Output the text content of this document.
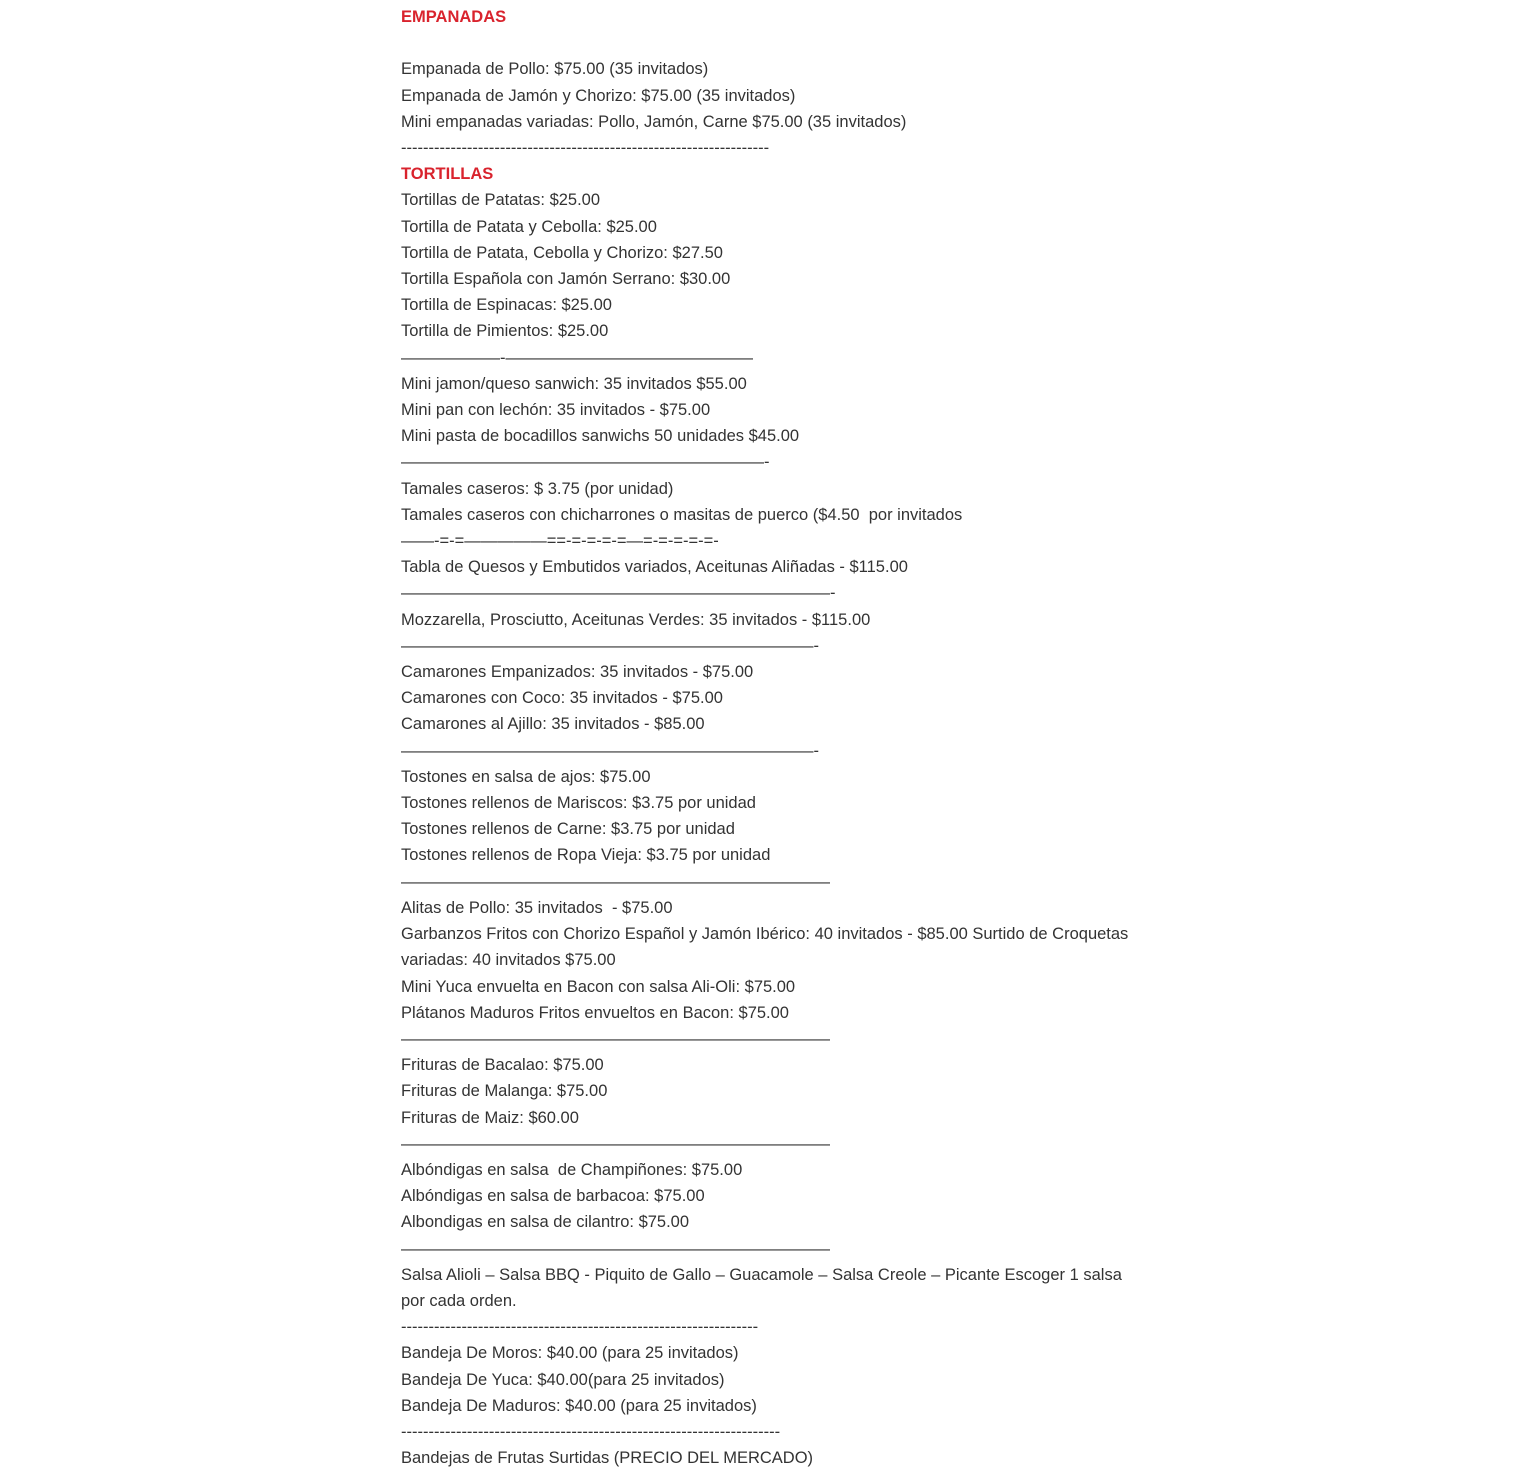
EMPANADAS
Empanada de Pollo: $75.00 (35 invitados)
Empanada de Jamón y Chorizo: $75.00 (35 invitados)
Mini empanadas variadas: Pollo, Jamón, Carne $75.00 (35 invitados)
-------------------------------------------------------------------
TORTILLAS
Tortillas de Patatas: $25.00
Tortilla de Patata y Cebolla: $25.00
Tortilla de Patata, Cebolla y Chorizo: $27.50
Tortilla Española con Jamón Serrano: $30.00
Tortilla de Espinacas: $25.00
Tortilla de Pimientos: $25.00
——————-———————————————
Mini jamon/queso sanwich: 35 invitados $55.00
Mini pan con lechón: 35 invitados - $75.00
Mini pasta de bocadillos sanwichs 50 unidades $45.00
——————————————————————-
Tamales caseros: $ 3.75 (por unidad)
Tamales caseros con chicharrones o masitas de puerco ($4.50  por invitados
——-=-=—————==-=-=-=-=—=-=-=-=-=-
Tabla de Quesos y Embutidos variados, Aceitunas Aliñadas - $115.00
——————————————————————————-
Mozzarella, Prosciutto, Aceitunas Verdes: 35 invitados - $115.00
—————————————————————————-
Camarones Empanizados: 35 invitados - $75.00
Camarones con Coco: 35 invitados - $75.00
Camarones al Ajillo: 35 invitados - $85.00
—————————————————————————-
Tostones en salsa de ajos: $75.00
Tostones rellenos de Mariscos: $3.75 por unidad
Tostones rellenos de Carne: $3.75 por unidad
Tostones rellenos de Ropa Vieja: $3.75 por unidad
——————————————————————————
Alitas de Pollo: 35 invitados  - $75.00
Garbanzos Fritos con Chorizo Español y Jamón Ibérico: 40 invitados - $85.00 Surtido de Croquetas variadas: 40 invitados $75.00
Mini Yuca envuelta en Bacon con salsa Ali-Oli: $75.00
Plátanos Maduros Fritos envueltos en Bacon: $75.00
——————————————————————————
Frituras de Bacalao: $75.00
Frituras de Malanga: $75.00
Frituras de Maiz: $60.00
——————————————————————————
Albóndigas en salsa  de Champiñones: $75.00
Albóndigas en salsa de barbacoa: $75.00
Albondigas en salsa de cilantro: $75.00
——————————————————————————
Salsa Alioli – Salsa BBQ - Piquito de Gallo – Guacamole – Salsa Creole – Picante Escoger 1 salsa por cada orden.
-----------------------------------------------------------------
Bandeja De Moros: $40.00 (para 25 invitados)
Bandeja De Yuca: $40.00(para 25 invitados)
Bandeja De Maduros: $40.00 (para 25 invitados)
---------------------------------------------------------------------
Bandejas de Frutas Surtidas (PRECIO DEL MERCADO)
